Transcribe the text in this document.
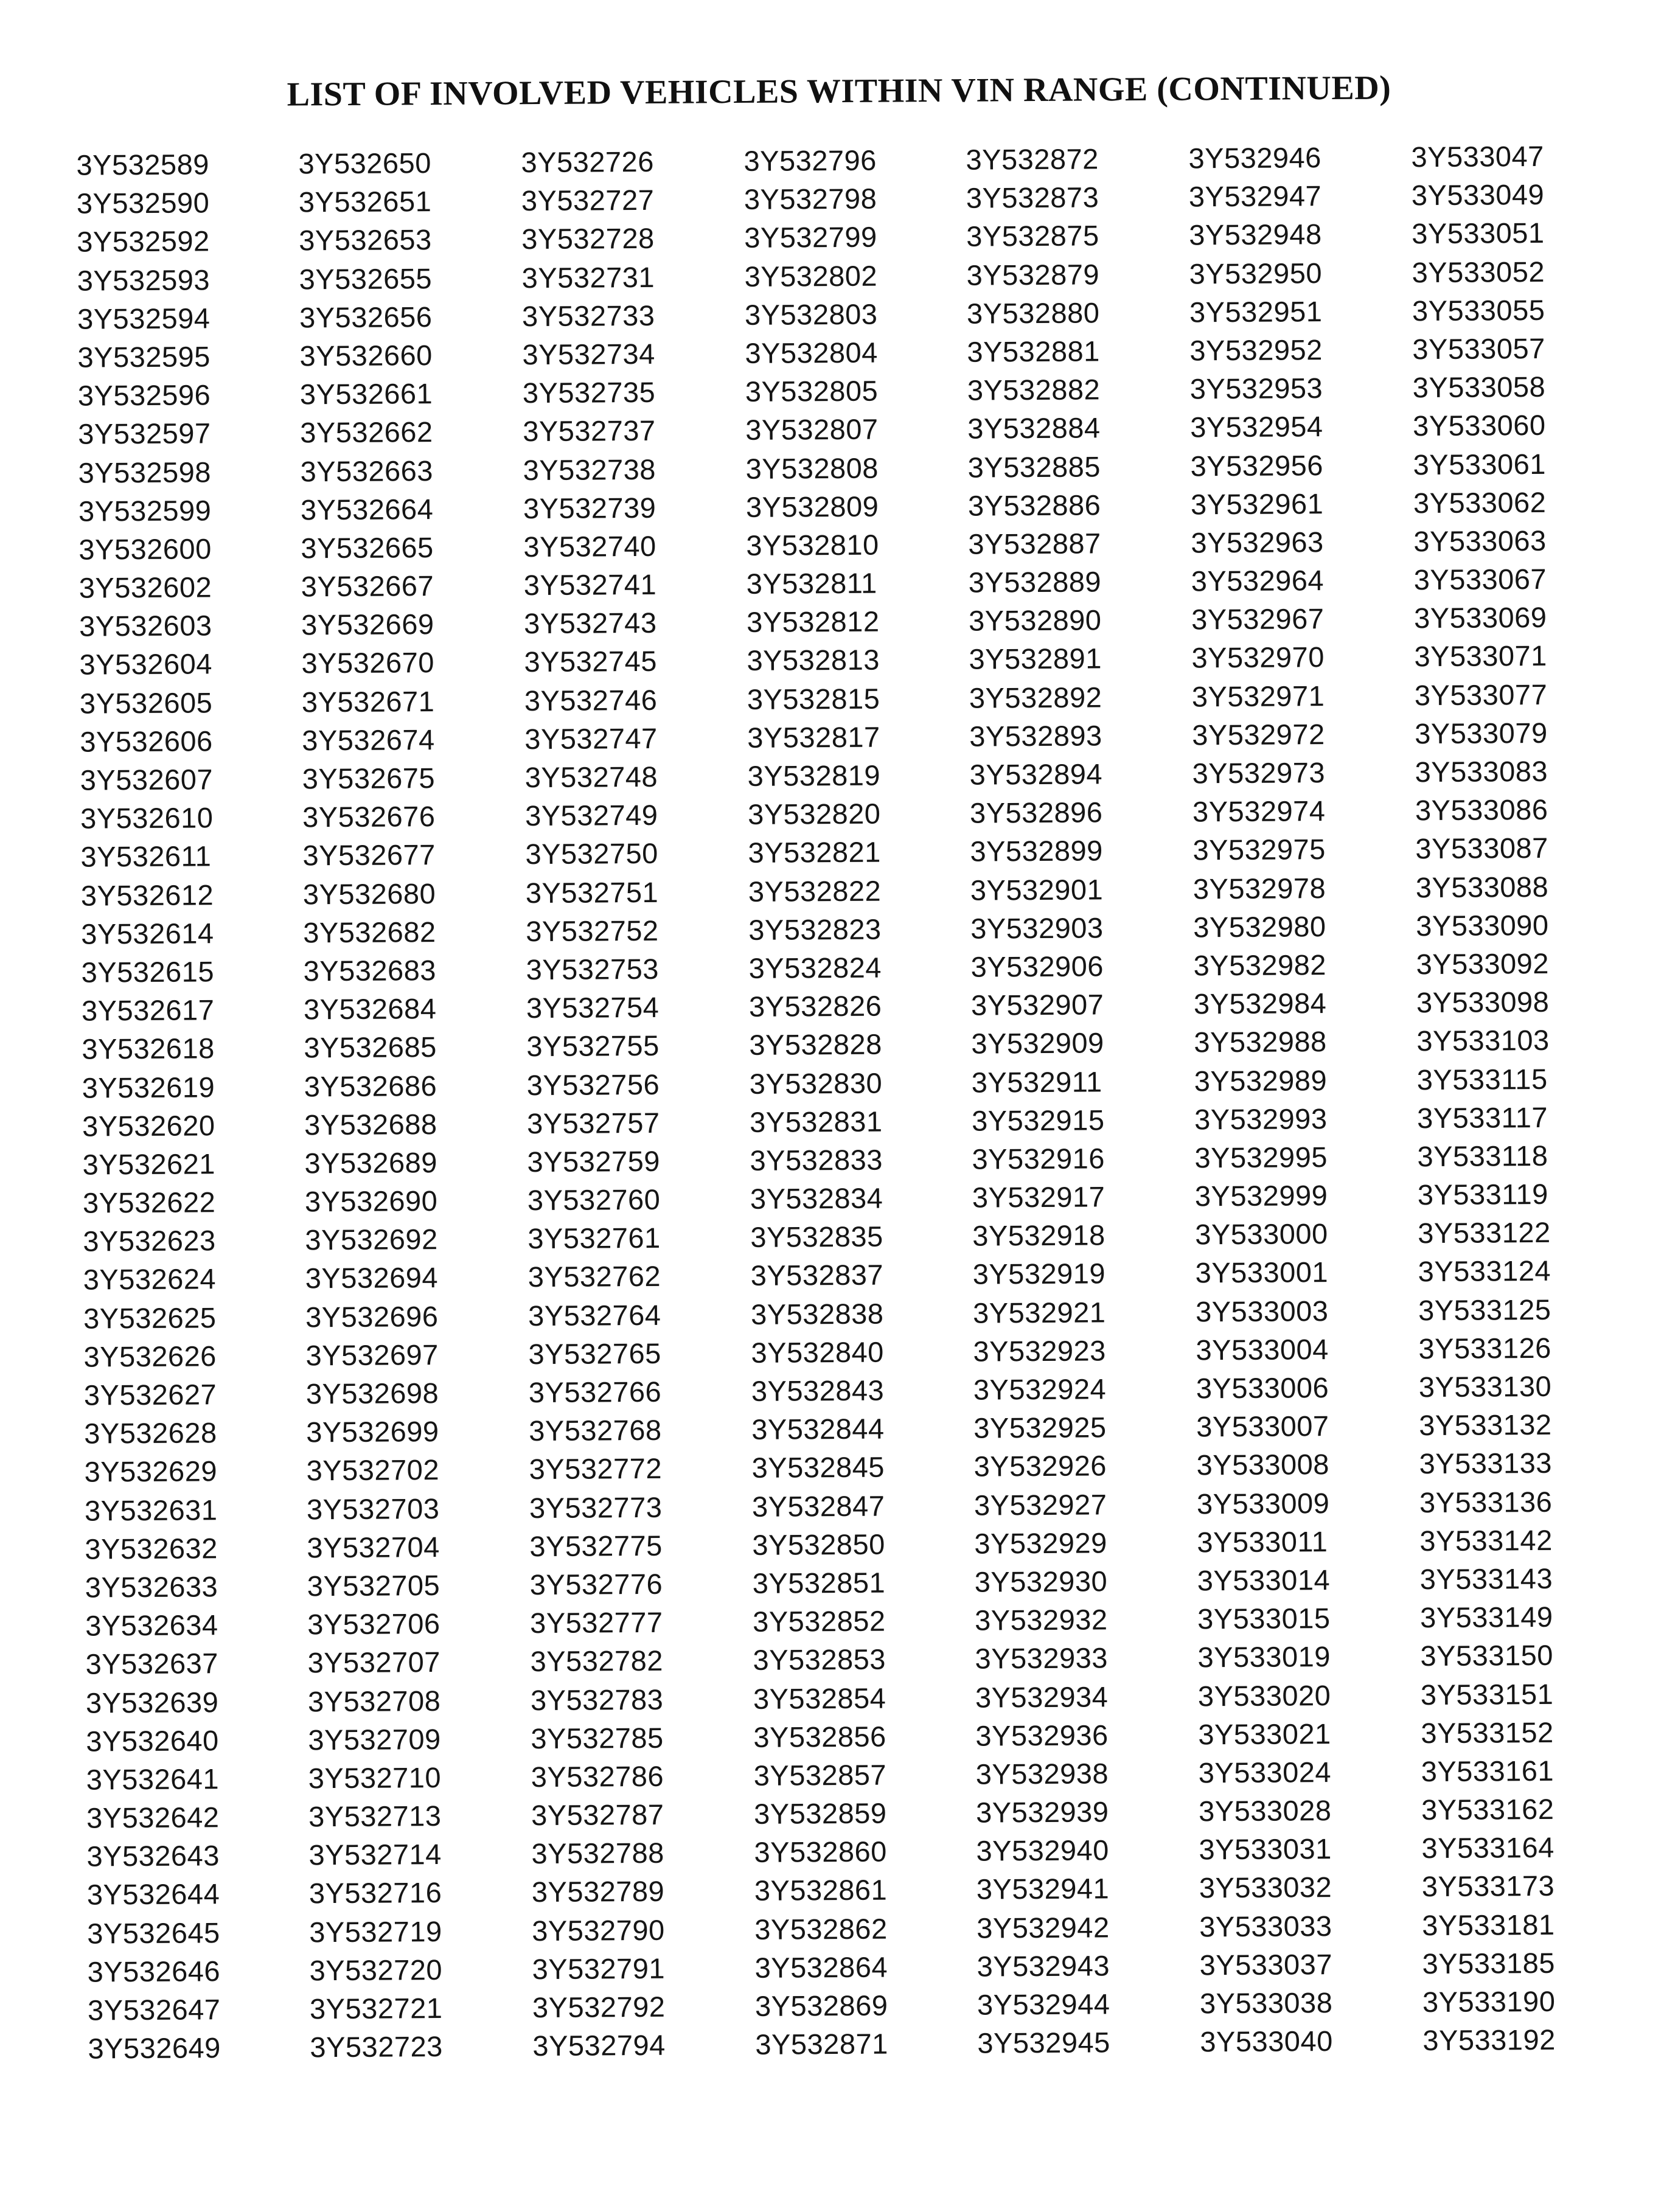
LIST OF INVOLVED VEHICLES WITHIN VIN RANGE (CONTINUED)
3Y532589
3Y532590
3Y532592
3Y532593
3Y532594
3Y532595
3Y532596
3Y532597
3Y532598
3Y532599
3Y532600
3Y532602
3Y532603
3Y532604
3Y532605
3Y532606
3Y532607
3Y532610
3Y532611
3Y532612
3Y532614
3Y532615
3Y532617
3Y532618
3Y532619
3Y532620
3Y532621
3Y532622
3Y532623
3Y532624
3Y532625
3Y532626
3Y532627
3Y532628
3Y532629
3Y532631
3Y532632
3Y532633
3Y532634
3Y532637
3Y532639
3Y532640
3Y532641
3Y532642
3Y532643
3Y532644
3Y532645
3Y532646
3Y532647
3Y532649
3Y532650
3Y532651
3Y532653
3Y532655
3Y532656
3Y532660
3Y532661
3Y532662
3Y532663
3Y532664
3Y532665
3Y532667
3Y532669
3Y532670
3Y532671
3Y532674
3Y532675
3Y532676
3Y532677
3Y532680
3Y532682
3Y532683
3Y532684
3Y532685
3Y532686
3Y532688
3Y532689
3Y532690
3Y532692
3Y532694
3Y532696
3Y532697
3Y532698
3Y532699
3Y532702
3Y532703
3Y532704
3Y532705
3Y532706
3Y532707
3Y532708
3Y532709
3Y532710
3Y532713
3Y532714
3Y532716
3Y532719
3Y532720
3Y532721
3Y532723
3Y532726
3Y532727
3Y532728
3Y532731
3Y532733
3Y532734
3Y532735
3Y532737
3Y532738
3Y532739
3Y532740
3Y532741
3Y532743
3Y532745
3Y532746
3Y532747
3Y532748
3Y532749
3Y532750
3Y532751
3Y532752
3Y532753
3Y532754
3Y532755
3Y532756
3Y532757
3Y532759
3Y532760
3Y532761
3Y532762
3Y532764
3Y532765
3Y532766
3Y532768
3Y532772
3Y532773
3Y532775
3Y532776
3Y532777
3Y532782
3Y532783
3Y532785
3Y532786
3Y532787
3Y532788
3Y532789
3Y532790
3Y532791
3Y532792
3Y532794
3Y532796
3Y532798
3Y532799
3Y532802
3Y532803
3Y532804
3Y532805
3Y532807
3Y532808
3Y532809
3Y532810
3Y532811
3Y532812
3Y532813
3Y532815
3Y532817
3Y532819
3Y532820
3Y532821
3Y532822
3Y532823
3Y532824
3Y532826
3Y532828
3Y532830
3Y532831
3Y532833
3Y532834
3Y532835
3Y532837
3Y532838
3Y532840
3Y532843
3Y532844
3Y532845
3Y532847
3Y532850
3Y532851
3Y532852
3Y532853
3Y532854
3Y532856
3Y532857
3Y532859
3Y532860
3Y532861
3Y532862
3Y532864
3Y532869
3Y532871
3Y532872
3Y532873
3Y532875
3Y532879
3Y532880
3Y532881
3Y532882
3Y532884
3Y532885
3Y532886
3Y532887
3Y532889
3Y532890
3Y532891
3Y532892
3Y532893
3Y532894
3Y532896
3Y532899
3Y532901
3Y532903
3Y532906
3Y532907
3Y532909
3Y532911
3Y532915
3Y532916
3Y532917
3Y532918
3Y532919
3Y532921
3Y532923
3Y532924
3Y532925
3Y532926
3Y532927
3Y532929
3Y532930
3Y532932
3Y532933
3Y532934
3Y532936
3Y532938
3Y532939
3Y532940
3Y532941
3Y532942
3Y532943
3Y532944
3Y532945
3Y532946
3Y532947
3Y532948
3Y532950
3Y532951
3Y532952
3Y532953
3Y532954
3Y532956
3Y532961
3Y532963
3Y532964
3Y532967
3Y532970
3Y532971
3Y532972
3Y532973
3Y532974
3Y532975
3Y532978
3Y532980
3Y532982
3Y532984
3Y532988
3Y532989
3Y532993
3Y532995
3Y532999
3Y533000
3Y533001
3Y533003
3Y533004
3Y533006
3Y533007
3Y533008
3Y533009
3Y533011
3Y533014
3Y533015
3Y533019
3Y533020
3Y533021
3Y533024
3Y533028
3Y533031
3Y533032
3Y533033
3Y533037
3Y533038
3Y533040
3Y533047
3Y533049
3Y533051
3Y533052
3Y533055
3Y533057
3Y533058
3Y533060
3Y533061
3Y533062
3Y533063
3Y533067
3Y533069
3Y533071
3Y533077
3Y533079
3Y533083
3Y533086
3Y533087
3Y533088
3Y533090
3Y533092
3Y533098
3Y533103
3Y533115
3Y533117
3Y533118
3Y533119
3Y533122
3Y533124
3Y533125
3Y533126
3Y533130
3Y533132
3Y533133
3Y533136
3Y533142
3Y533143
3Y533149
3Y533150
3Y533151
3Y533152
3Y533161
3Y533162
3Y533164
3Y533173
3Y533181
3Y533185
3Y533190
3Y533192
